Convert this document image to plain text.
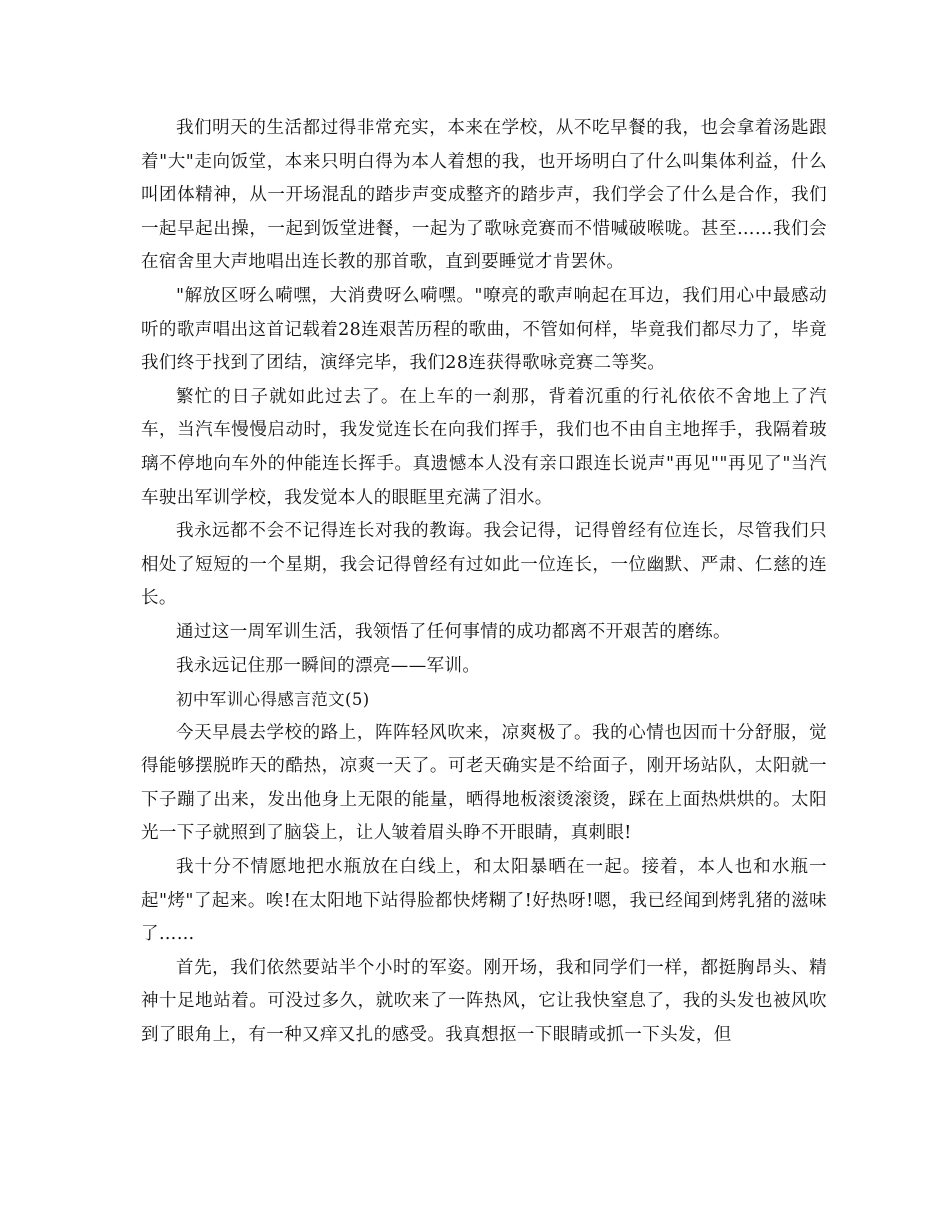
我们明天的生活都过得非常充实，本来在学校，从不吃早餐的我，也会拿着汤匙跟着"大"走向饭堂，本来只明白得为本人着想的我，也开场明白了什么叫集体利益，什么叫团体精神，从一开场混乱的踏步声变成整齐的踏步声，我们学会了什么是合作，我们一起早起出操，一起到饭堂进餐，一起为了歌咏竞赛而不惜喊破喉咙。甚至……我们会在宿舍里大声地唱出连长教的那首歌，直到要睡觉才肯罢休。

"解放区呀么嗬嘿，大消费呀么嗬嘿。"嘹亮的歌声响起在耳边，我们用心中最感动听的歌声唱出这首记载着28连艰苦历程的歌曲，不管如何样，毕竟我们都尽力了，毕竟我们终于找到了团结，演绎完毕，我们28连获得歌咏竞赛二等奖。

繁忙的日子就如此过去了。在上车的一刹那，背着沉重的行礼依依不舍地上了汽车，当汽车慢慢启动时，我发觉连长在向我们挥手，我们也不由自主地挥手，我隔着玻璃不停地向车外的仲能连长挥手。真遗憾本人没有亲口跟连长说声"再见""再见了"当汽车驶出军训学校，我发觉本人的眼眶里充满了泪水。

我永远都不会不记得连长对我的教诲。我会记得，记得曾经有位连长，尽管我们只相处了短短的一个星期，我会记得曾经有过如此一位连长，一位幽默、严肃、仁慈的连长。

通过这一周军训生活，我领悟了任何事情的成功都离不开艰苦的磨练。

我永远记住那一瞬间的漂亮——军训。

初中军训心得感言范文(5)

今天早晨去学校的路上，阵阵轻风吹来，凉爽极了。我的心情也因而十分舒服，觉得能够摆脱昨天的酷热，凉爽一天了。可老天确实是不给面子，刚开场站队，太阳就一下子蹦了出来，发出他身上无限的能量，晒得地板滚烫滚烫，踩在上面热烘烘的。太阳光一下子就照到了脑袋上，让人皱着眉头睁不开眼睛，真刺眼!

我十分不情愿地把水瓶放在白线上，和太阳暴晒在一起。接着，本人也和水瓶一起"烤"了起来。唉!在太阳地下站得脸都快烤糊了!好热呀!嗯，我已经闻到烤乳猪的滋味了……

首先，我们依然要站半个小时的军姿。刚开场，我和同学们一样，都挺胸昂头、精神十足地站着。可没过多久，就吹来了一阵热风，它让我快窒息了，我的头发也被风吹到了眼角上，有一种又痒又扎的感受。我真想抠一下眼睛或抓一下头发，但
